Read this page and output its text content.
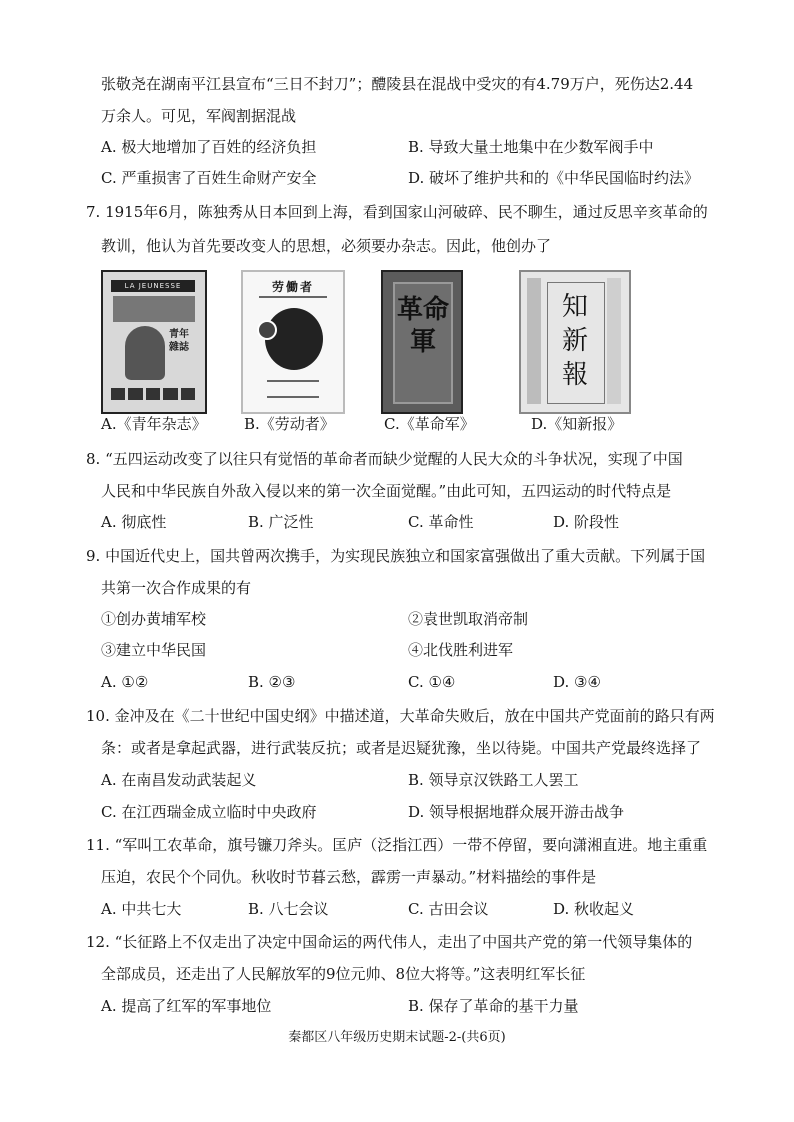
张敬尧在湖南平江县宣布“三日不封刀”；醴陵县在混战中受灾的有4.79万户，死伤达2.44
万余人。可见，军阀割据混战
A. 极大地增加了百姓的经济负担	B. 导致大量土地集中在少数军阀手中
C. 严重损害了百姓生命财产安全	D. 破坏了维护共和的《中华民国临时约法》
7. 1915年6月，陈独秀从日本回到上海，看到国家山河破碎、民不聊生，通过反思辛亥革命的
教训，他认为首先要改变人的思想，必须要办杂志。因此，他创办了
LA JEUNESSE
青年雜誌
劳働者
革命軍
知新報
A.《青年杂志》 B.《劳动者》	C.《革命军》	D.《知新报》
8. “五四运动改变了以往只有觉悟的革命者而缺少觉醒的人民大众的斗争状况，实现了中国
人民和中华民族自外敌入侵以来的第一次全面觉醒。”由此可知，五四运动的时代特点是
A. 彻底性	B. 广泛性	C. 革命性	D. 阶段性
9. 中国近代史上，国共曾两次携手，为实现民族独立和国家富强做出了重大贡献。下列属于国
共第一次合作成果的有
①创办黄埔军校	②袁世凯取消帝制
③建立中华民国	④北伐胜利进军
A. ①②	B. ②③	C. ①④	D. ③④
10. 金冲及在《二十世纪中国史纲》中描述道，大革命失败后，放在中国共产党面前的路只有两
条：或者是拿起武器，进行武装反抗；或者是迟疑犹豫，坐以待毙。中国共产党最终选择了
A. 在南昌发动武装起义	B. 领导京汉铁路工人罢工
C. 在江西瑞金成立临时中央政府	D. 领导根据地群众展开游击战争
11. “军叫工农革命，旗号镰刀斧头。匡庐（泛指江西）一带不停留，要向潇湘直进。地主重重
压迫，农民个个同仇。秋收时节暮云愁，霹雳一声暴动。”材料描绘的事件是
A. 中共七大	B. 八七会议	C. 古田会议	D. 秋收起义
12. “长征路上不仅走出了决定中国命运的两代伟人，走出了中国共产党的第一代领导集体的
全部成员，还走出了人民解放军的9位元帅、8位大将等。”这表明红军长征
A. 提高了红军的军事地位	B. 保存了革命的基干力量
秦都区八年级历史期末试题-2-(共6页)
